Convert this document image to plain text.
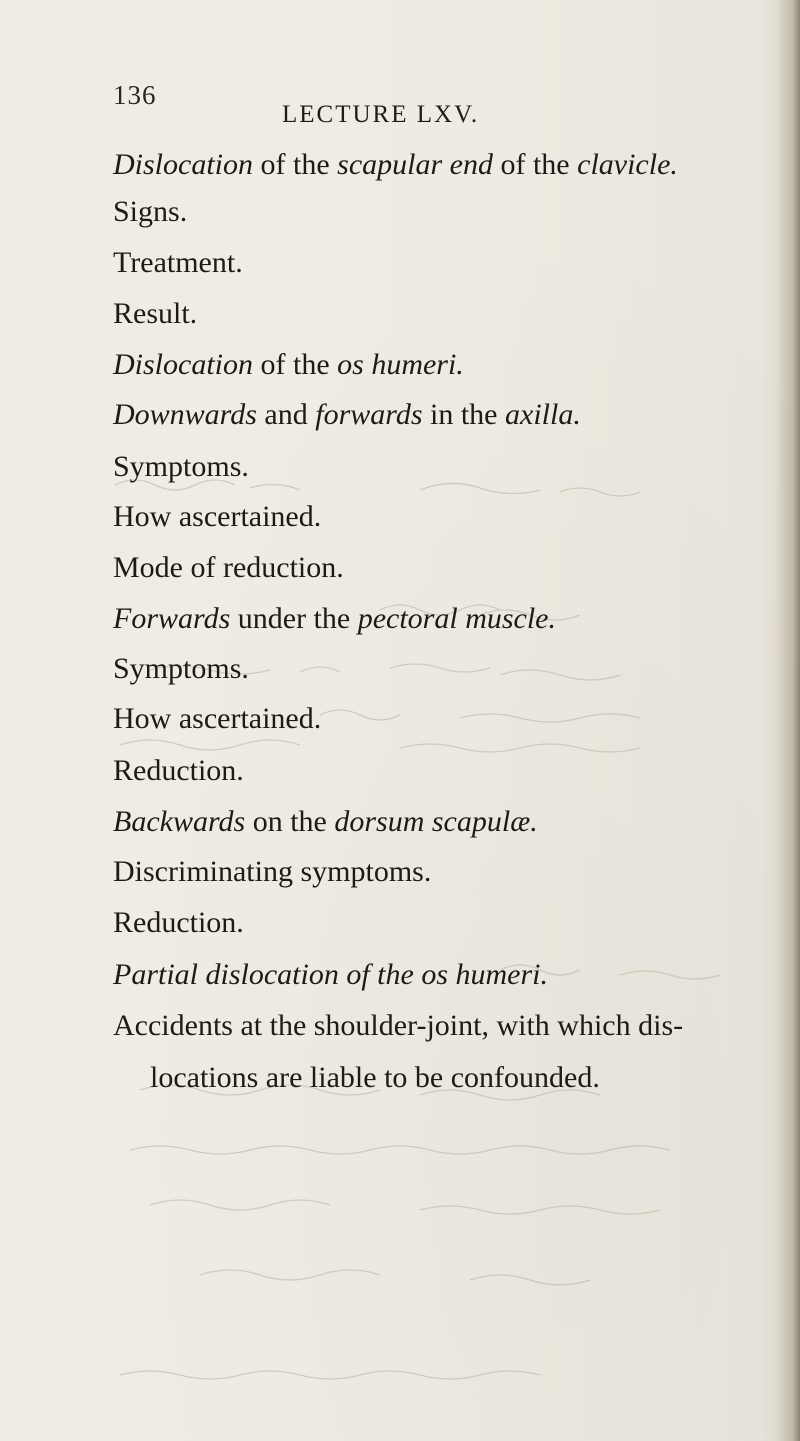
136
LECTURE LXV.
Dislocation of the scapular end of the clavicle.
Signs.
Treatment.
Result.
Dislocation of the os humeri.
Downwards and forwards in the axilla.
Symptoms.
How ascertained.
Mode of reduction.
Forwards under the pectoral muscle.
Symptoms.
How ascertained.
Reduction.
Backwards on the dorsum scapulæ.
Discriminating symptoms.
Reduction.
Partial dislocation of the os humeri.
Accidents at the shoulder-joint, with which dis-
locations are liable to be confounded.
